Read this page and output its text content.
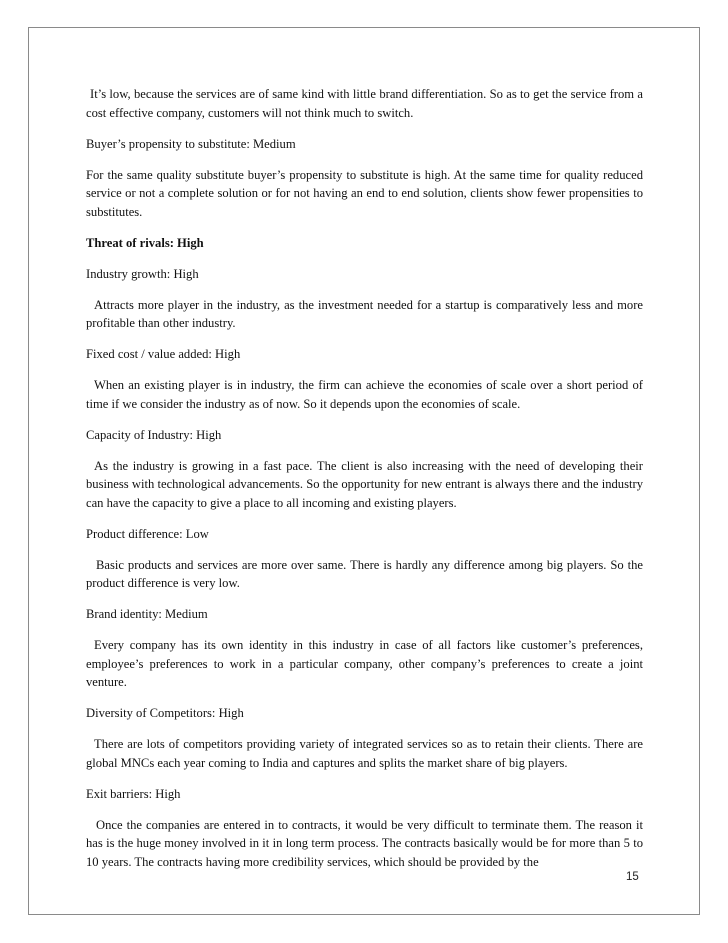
It’s low, because the services are of same kind with little brand differentiation. So as to get the service from a cost effective company, customers will not think much to switch.

Buyer’s propensity to substitute: Medium

For the same quality substitute buyer’s propensity to substitute is high. At the same time for quality reduced service or not a complete solution or for not having an end to end solution, clients show fewer propensities to substitutes.

Threat of rivals: High

Industry growth: High

Attracts more player in the industry, as the investment needed for a startup is comparatively less and more profitable than other industry.

Fixed cost / value added: High

When an existing player is in industry, the firm can achieve the economies of scale over a short period of time if we consider the industry as of now. So it depends upon the economies of scale.

Capacity of Industry: High

As the industry is growing in a fast pace. The client is also increasing with the need of developing their business with technological advancements. So the opportunity for new entrant is always there and the industry can have the capacity to give a place to all incoming and existing players.

Product difference: Low

Basic products and services are more over same. There is hardly any difference among big players. So the product difference is very low.

Brand identity: Medium

Every company has its own identity in this industry in case of all factors like customer’s preferences, employee’s preferences to work in a particular company, other company’s preferences to create a joint venture.

Diversity of Competitors: High

There are lots of competitors providing variety of integrated services so as to retain their clients. There are global MNCs each year coming to India and captures and splits the market share of big players.

Exit barriers: High

Once the companies are entered in to contracts, it would be very difficult to terminate them. The reason it has is the huge money involved in it in long term process. The contracts basically would be for more than 5 to 10 years. The contracts having more credibility services, which should be provided by the

15
